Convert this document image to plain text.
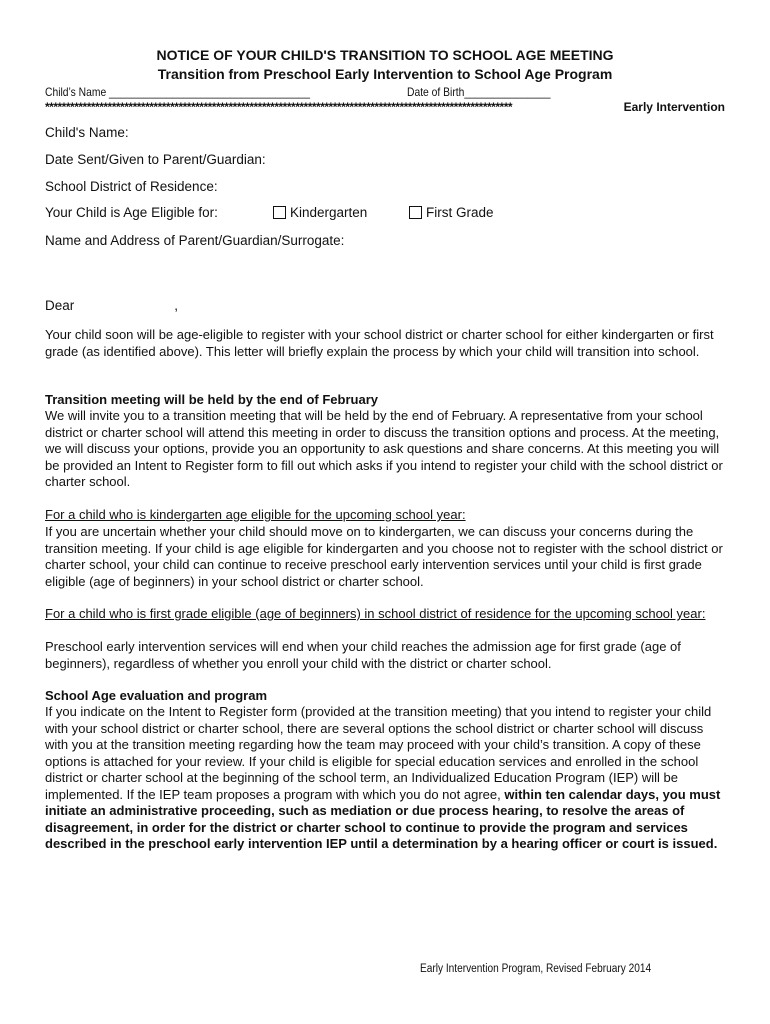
NOTICE OF YOUR CHILD'S TRANSITION TO SCHOOL AGE MEETING
Transition from Preschool Early Intervention to School Age Program
Child’s Name ___________________________________	Date of Birth_______________
****************************************************************************************************************	Early Intervention
Child's Name:
Date Sent/Given to Parent/Guardian:
School District of Residence:
Your Child is Age Eligible for:	Kindergarten	First Grade
Name and Address of Parent/Guardian/Surrogate:
Dear	,

Your child soon will be age-eligible to register with your school district or charter school for either kindergarten or first grade (as identified above). This letter will briefly explain the process by which your child will transition into school.

Transition meeting will be held by the end of February

We will invite you to a transition meeting that will be held by the end of February. A representative from your school district or charter school will attend this meeting in order to discuss the transition options and process. At the meeting, we will discuss your options, provide you an opportunity to ask questions and share concerns. At this meeting you will be provided an Intent to Register form to fill out which asks if you intend to register your child with the school district or charter school.

For a child who is kindergarten age eligible for the upcoming school year:

If you are uncertain whether your child should move on to kindergarten, we can discuss your concerns during the transition meeting. If your child is age eligible for kindergarten and you choose not to register with the school district or charter school, your child can continue to receive preschool early intervention services until your child is first grade eligible (age of beginners) in your school district or charter school.

For a child who is first grade eligible (age of beginners) in school district of residence for the upcoming school year:

Preschool early intervention services will end when your child reaches the admission age for first grade (age of beginners), regardless of whether you enroll your child with the district or charter school.

School Age evaluation and program

If you indicate on the Intent to Register form (provided at the transition meeting) that you intend to register your child with your school district or charter school, there are several options the school district or charter school will discuss with you at the transition meeting regarding how the team may proceed with your child’s transition. A copy of these options is attached for your review. If your child is eligible for special education services and enrolled in the school district or charter school at the beginning of the school term, an Individualized Education Program (IEP) will be implemented. If the IEP team proposes a program with which you do not agree, within ten calendar days, you must initiate an administrative proceeding, such as mediation or due process hearing, to resolve the areas of disagreement, in order for the district or charter school to continue to provide the program and services described in the preschool early intervention IEP until a determination by a hearing officer or court is issued.

Early Intervention Program, Revised February 2014
